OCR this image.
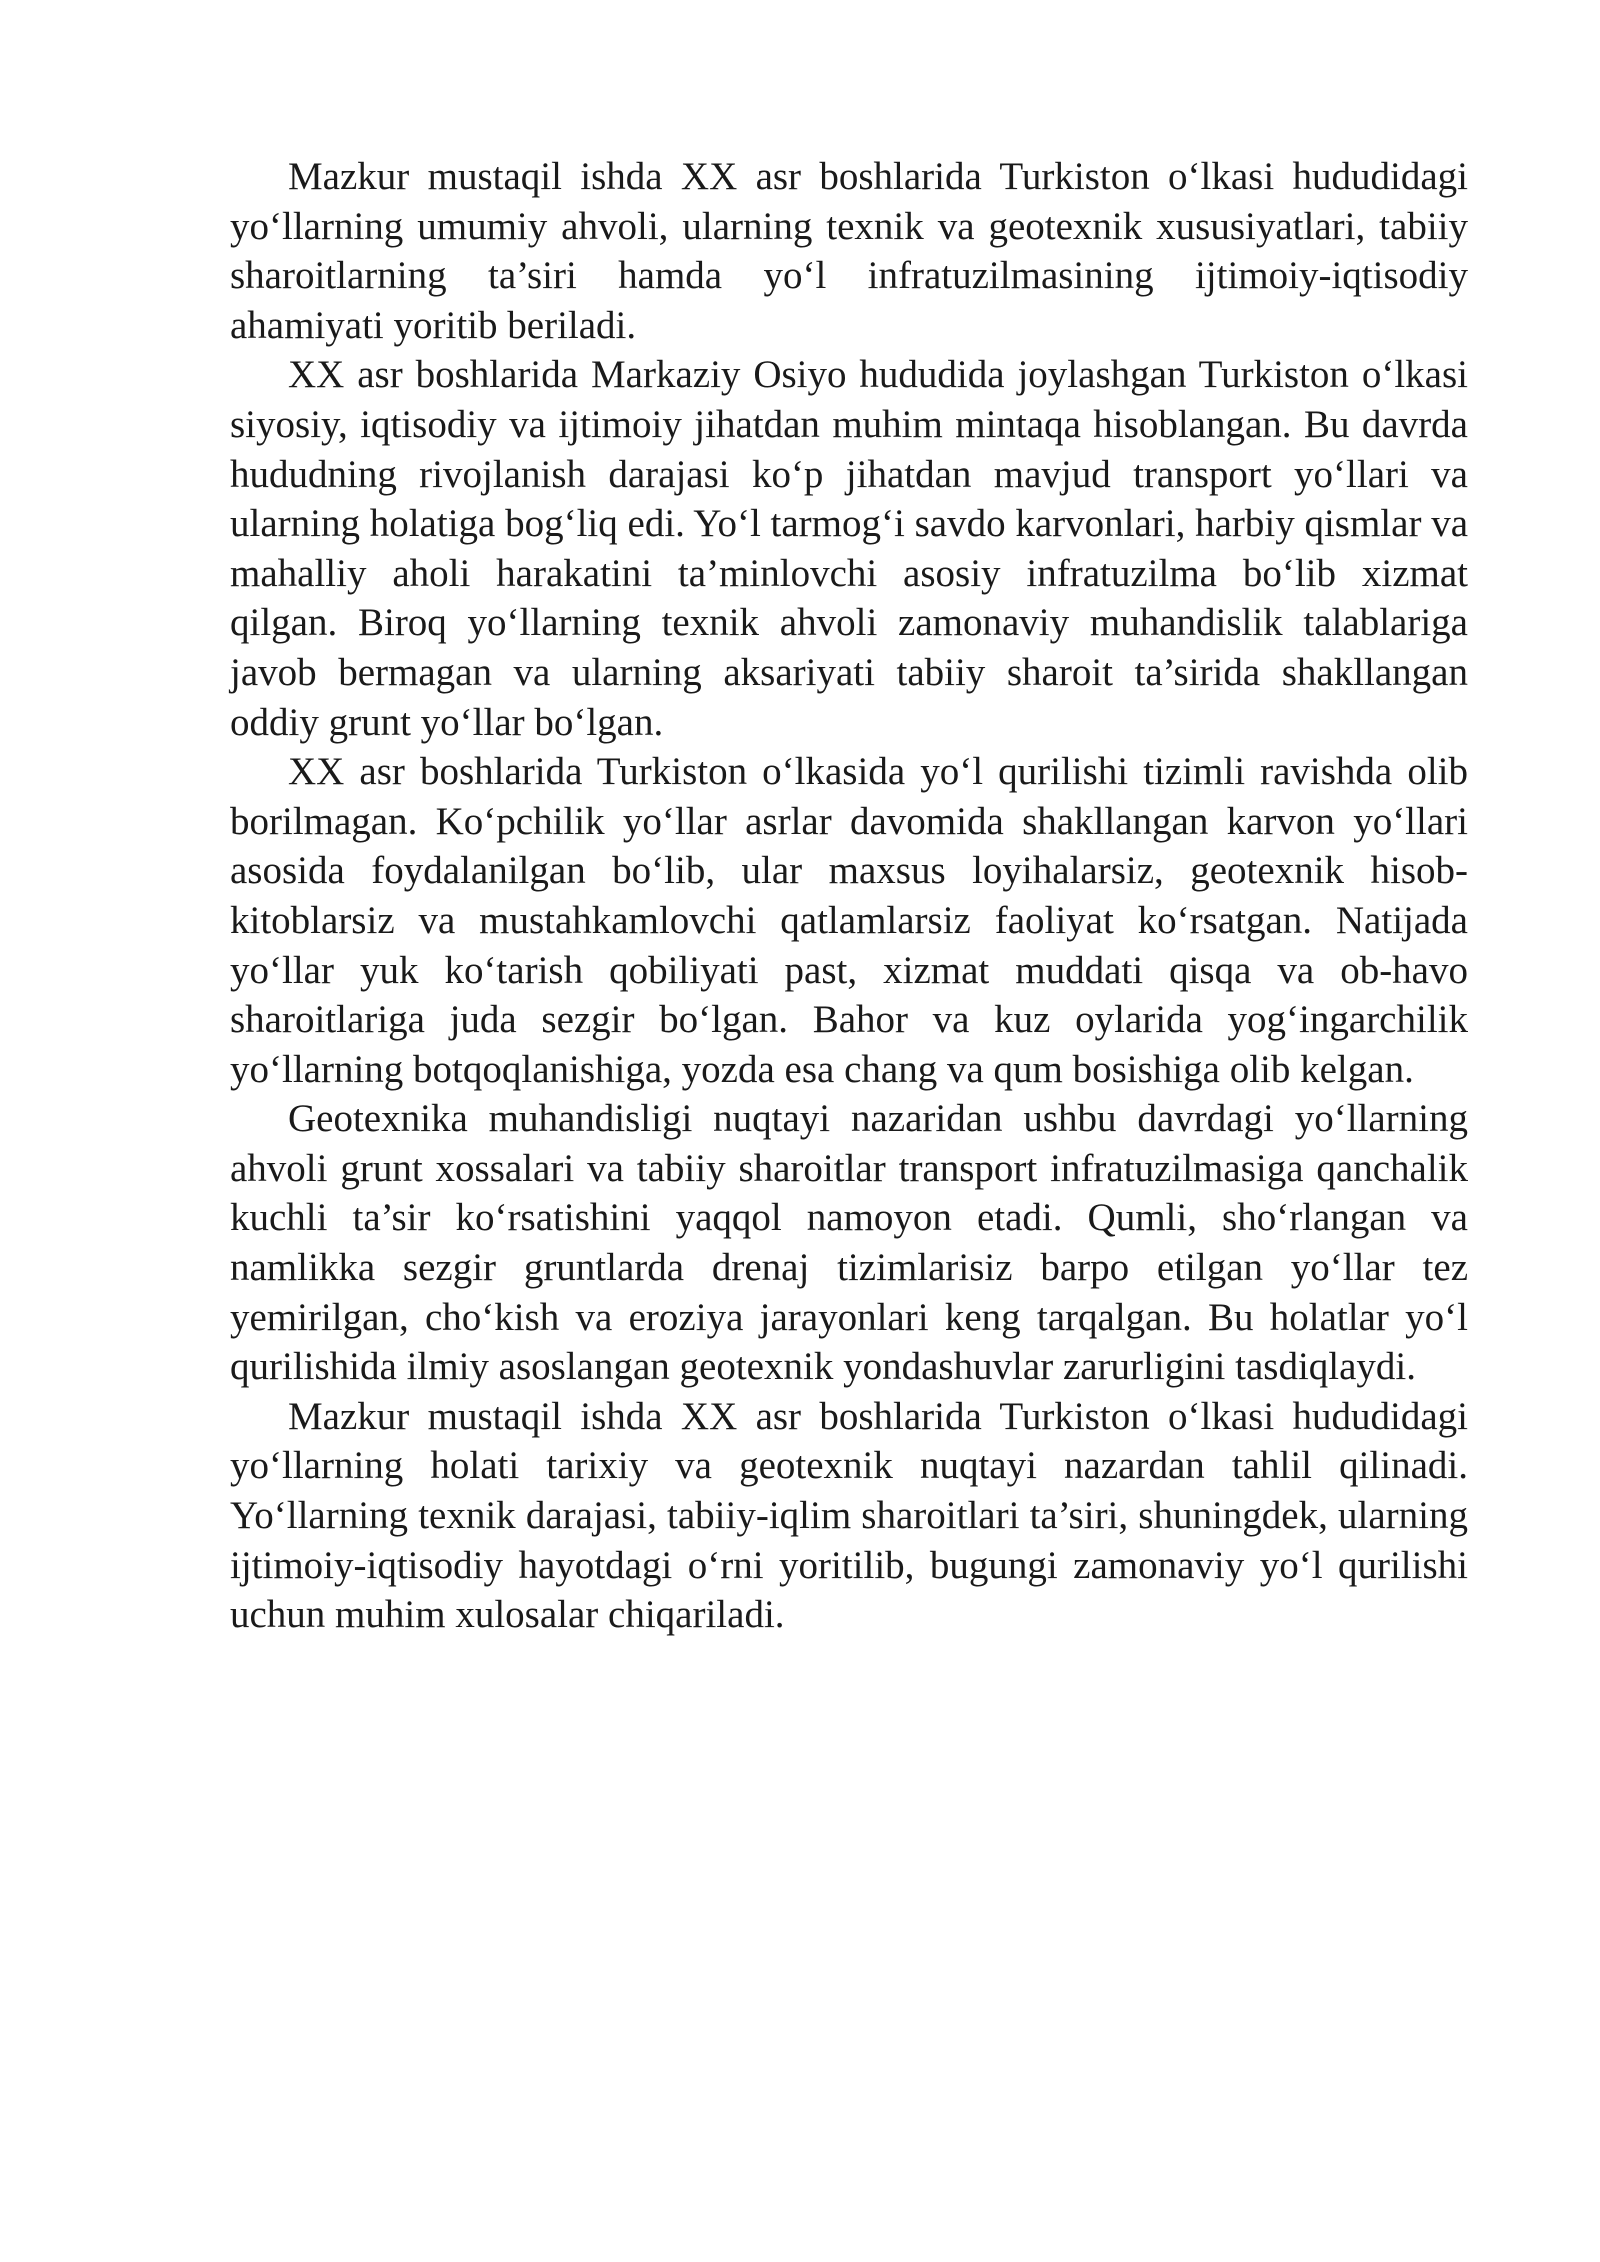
Mazkur mustaqil ishda XX asr boshlarida Turkiston o‘lkasi hududidagi yo‘llarning umumiy ahvoli, ularning texnik va geotexnik xususiyatlari, tabiiy sharoitlarning ta’siri hamda yo‘l infratuzilmasining ijtimoiy-iqtisodiy ahamiyati yoritib beriladi.

XX asr boshlarida Markaziy Osiyo hududida joylashgan Turkiston o‘lkasi siyosiy, iqtisodiy va ijtimoiy jihatdan muhim mintaqa hisoblangan. Bu davrda hududning rivojlanish darajasi ko‘p jihatdan mavjud transport yo‘llari va ularning holatiga bog‘liq edi. Yo‘l tarmog‘i savdo karvonlari, harbiy qismlar va mahalliy aholi harakatini ta’minlovchi asosiy infratuzilma bo‘lib xizmat qilgan. Biroq yo‘llarning texnik ahvoli zamonaviy muhandislik talablariga javob bermagan va ularning aksariyati tabiiy sharoit ta’sirida shakllangan oddiy grunt yo‘llar bo‘lgan.

XX asr boshlarida Turkiston o‘lkasida yo‘l qurilishi tizimli ravishda olib borilmagan. Ko‘pchilik yo‘llar asrlar davomida shakllangan karvon yo‘llari asosida foydalanilgan bo‘lib, ular maxsus loyihalarsiz, geotexnik hisob-kitoblarsiz va mustahkamlovchi qatlamlarsiz faoliyat ko‘rsatgan. Natijada yo‘llar yuk ko‘tarish qobiliyati past, xizmat muddati qisqa va ob-havo sharoitlariga juda sezgir bo‘lgan. Bahor va kuz oylarida yog‘ingarchilik yo‘llarning botqoqlanishiga, yozda esa chang va qum bosishiga olib kelgan.

Geotexnika muhandisligi nuqtayi nazaridan ushbu davrdagi yo‘llarning ahvoli grunt xossalari va tabiiy sharoitlar transport infratuzilmasiga qanchalik kuchli ta’sir ko‘rsatishini yaqqol namoyon etadi. Qumli, sho‘rlangan va namlikka sezgir gruntlarda drenaj tizimlarisiz barpo etilgan yo‘llar tez yemirilgan, cho‘kish va eroziya jarayonlari keng tarqalgan. Bu holatlar yo‘l qurilishida ilmiy asoslangan geotexnik yondashuvlar zarurligini tasdiqlaydi.

Mazkur mustaqil ishda XX asr boshlarida Turkiston o‘lkasi hududidagi yo‘llarning holati tarixiy va geotexnik nuqtayi nazardan tahlil qilinadi. Yo‘llarning texnik darajasi, tabiiy-iqlim sharoitlari ta’siri, shuningdek, ularning ijtimoiy-iqtisodiy hayotdagi o‘rni yoritilib, bugungi zamonaviy yo‘l qurilishi uchun muhim xulosalar chiqariladi.
